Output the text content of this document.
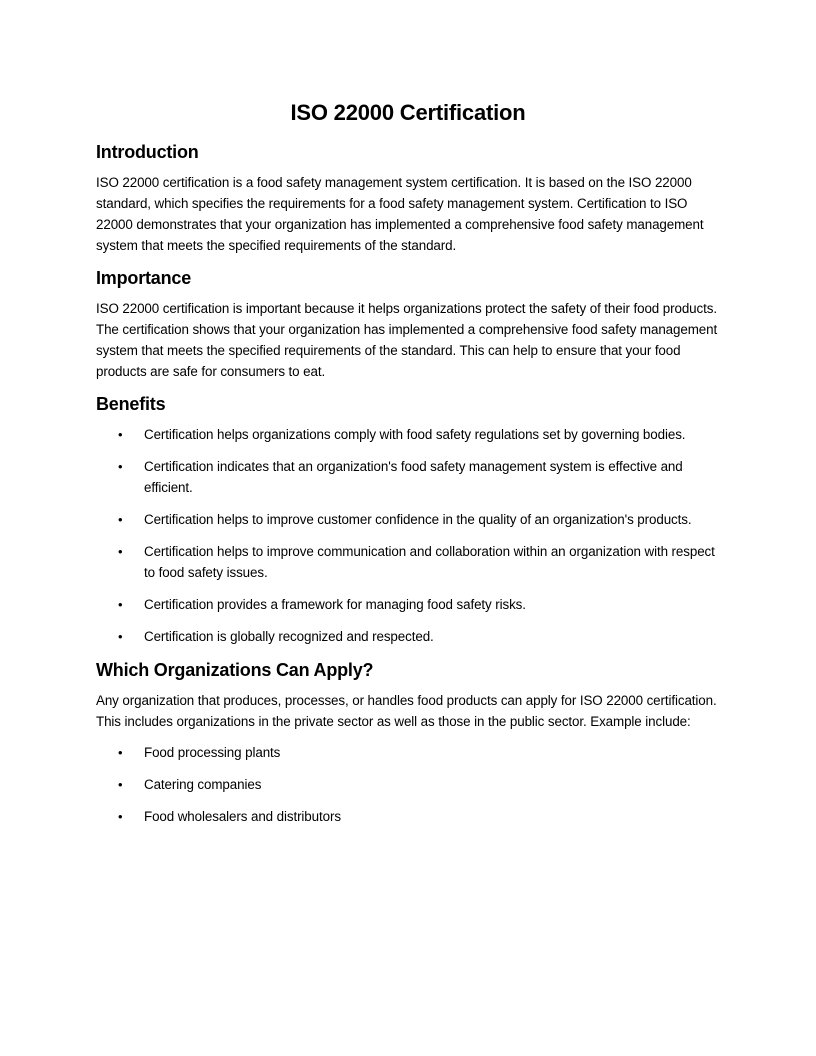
ISO 22000 Certification
Introduction

ISO 22000 certification is a food safety management system certification. It is based on the ISO 22000 standard, which specifies the requirements for a food safety management system. Certification to ISO 22000 demonstrates that your organization has implemented a comprehensive food safety management system that meets the specified requirements of the standard.

Importance

ISO 22000 certification is important because it helps organizations protect the safety of their food products. The certification shows that your organization has implemented a comprehensive food safety management system that meets the specified requirements of the standard. This can help to ensure that your food products are safe for consumers to eat.

Benefits
• Certification helps organizations comply with food safety regulations set by governing bodies.
• Certification indicates that an organization's food safety management system is effective and efficient.
• Certification helps to improve customer confidence in the quality of an organization's products.
• Certification helps to improve communication and collaboration within an organization with respect to food safety issues.
• Certification provides a framework for managing food safety risks.
• Certification is globally recognized and respected.
Which Organizations Can Apply?

Any organization that produces, processes, or handles food products can apply for ISO 22000 certification. This includes organizations in the private sector as well as those in the public sector. Example include:

• Food processing plants
• Catering companies
• Food wholesalers and distributors
